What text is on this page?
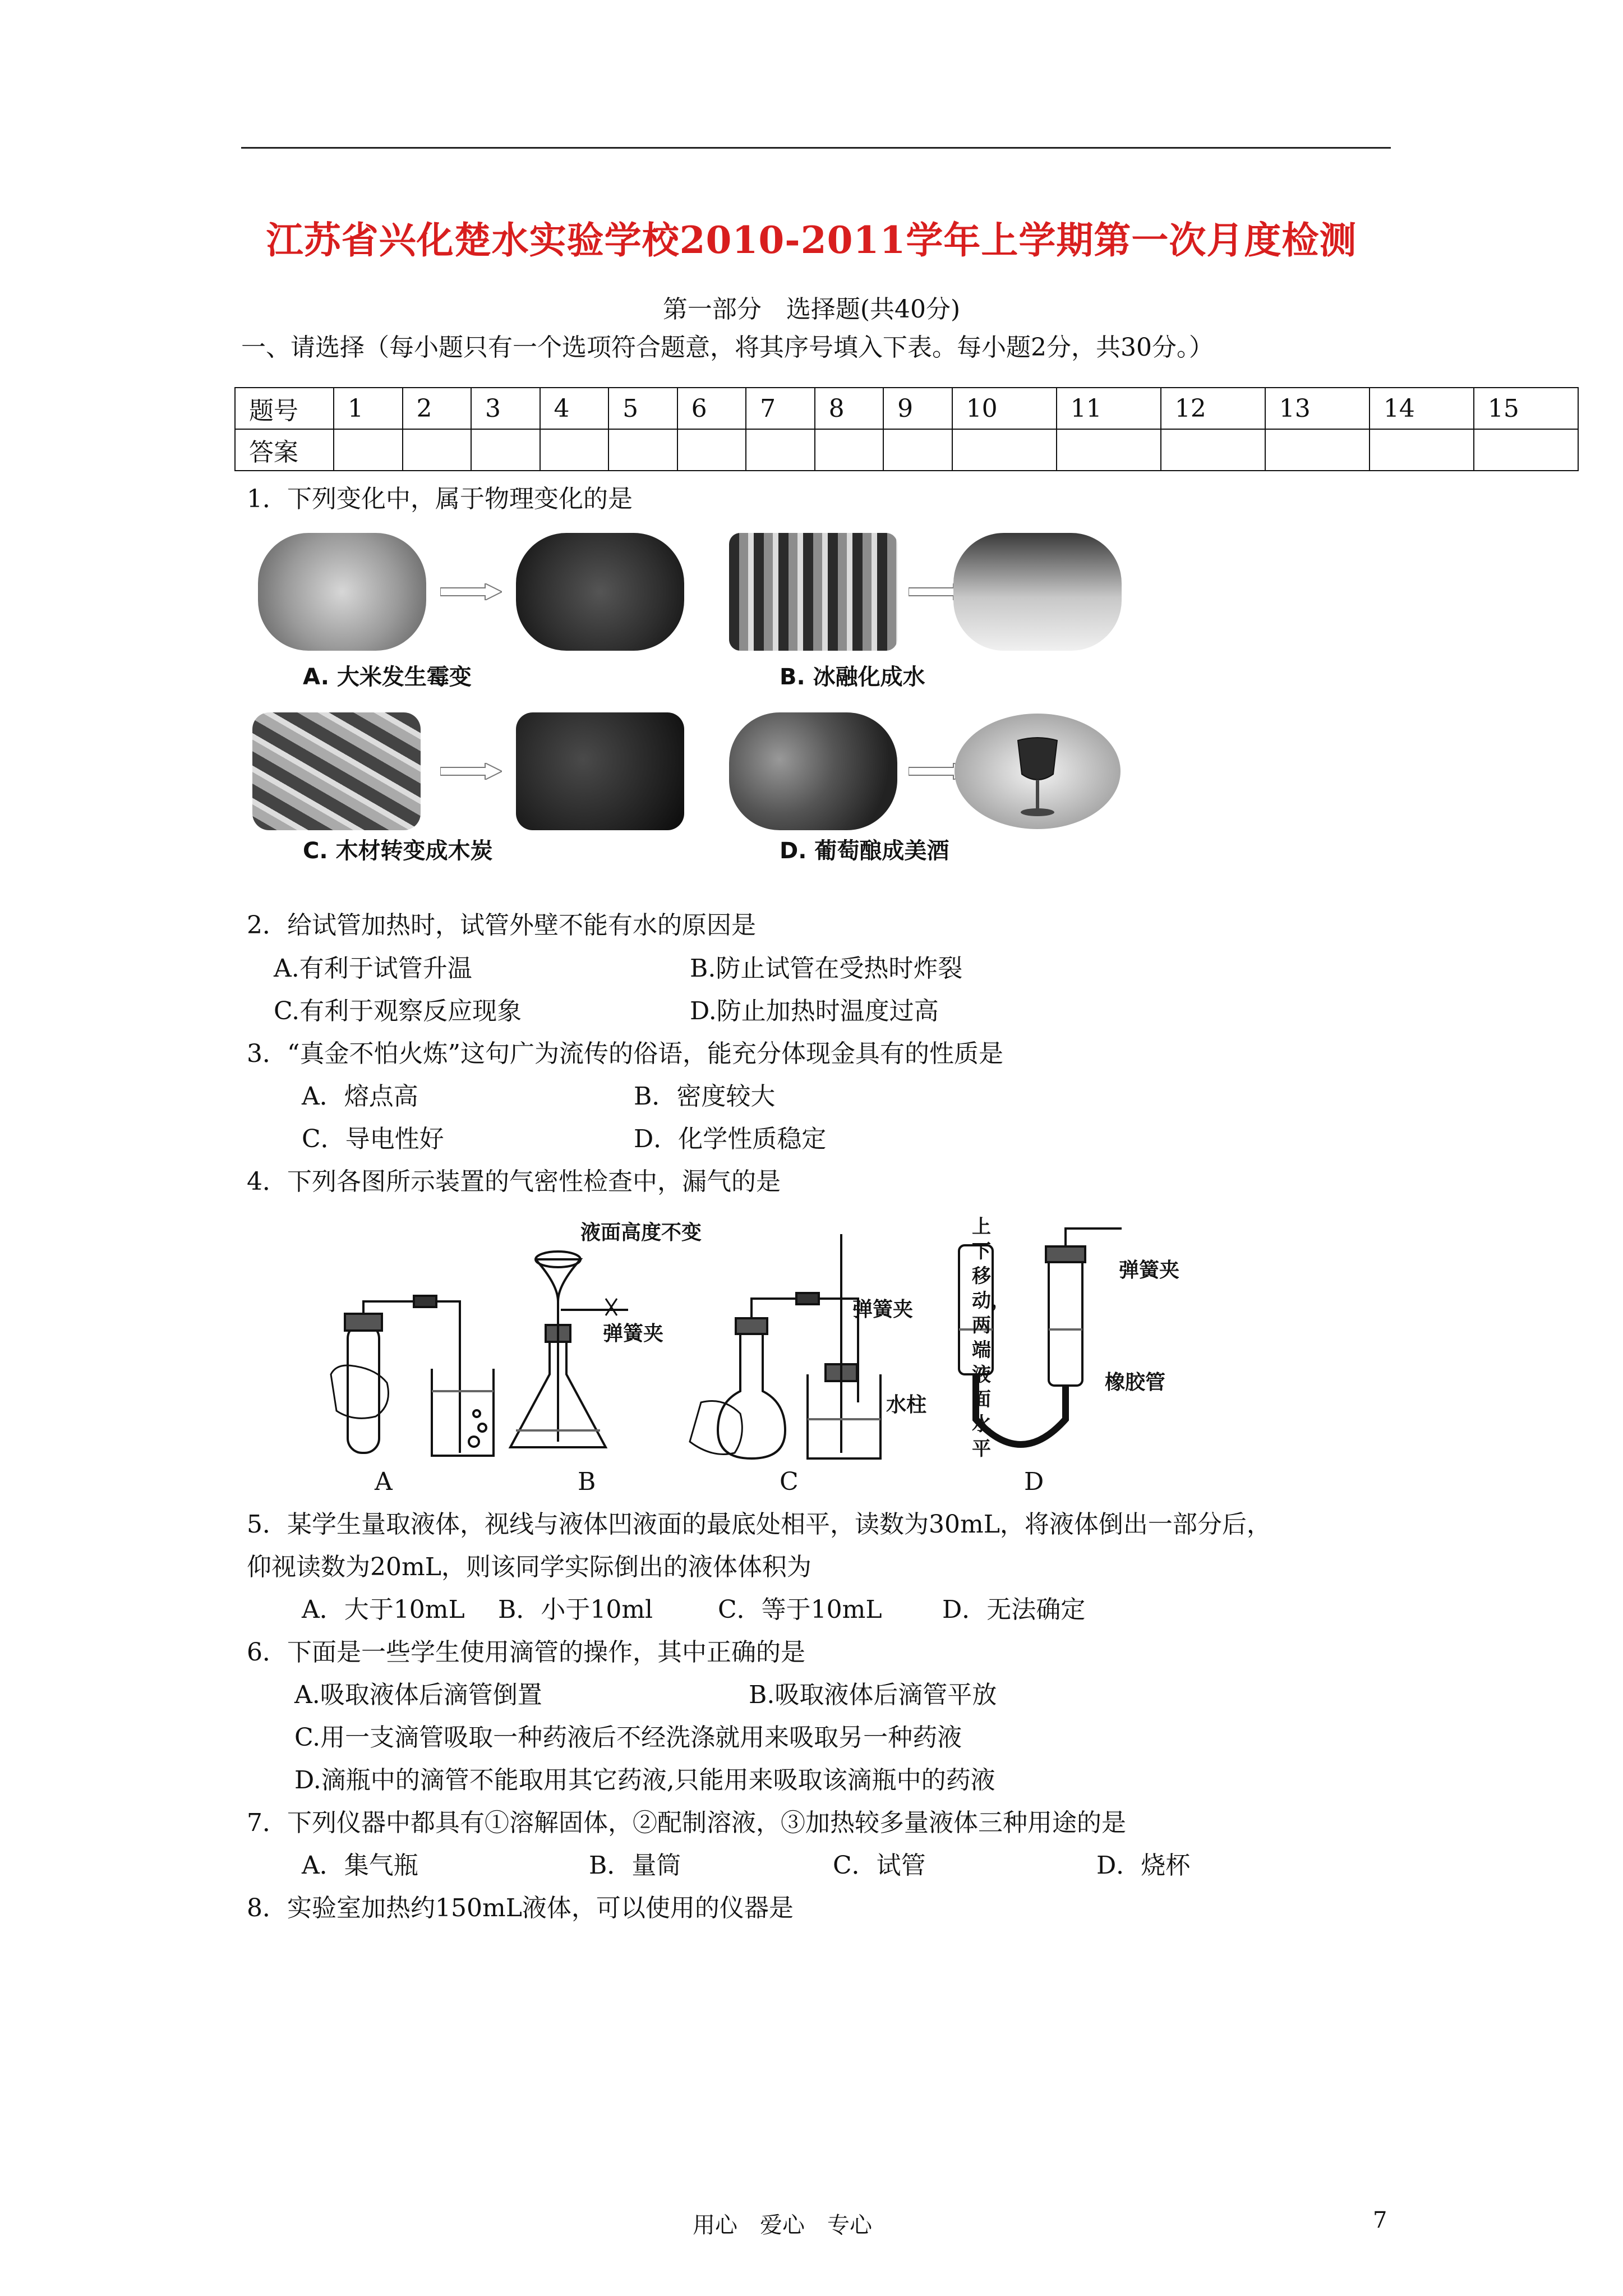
江苏省兴化楚水实验学校2010-2011学年上学期第一次月度检测
第一部分　选择题(共40分)
一、请选择（每小题只有一个选项符合题意，将其序号填入下表。每小题2分，共30分。）
题号	1	2	3	4	5	6	7	8	9	10	11	12	13	14	15
答案															
1．下列变化中，属于物理变化的是
A. 大米发生霉变	B. 冰融化成水
C. 木材转变成木炭	D. 葡萄酿成美酒
2．给试管加热时，试管外壁不能有水的原因是
A.有利于试管升温	B.防止试管在受热时炸裂
C.有利于观察反应现象	D.防止加热时温度过高
3．“真金不怕火炼”这句广为流传的俗语，能充分体现金具有的性质是
A．熔点高	B．密度较大
C．导电性好	D．化学性质稳定
4．下列各图所示装置的气密性检查中，漏气的是
液面高度不变
弹簧夹
弹簧夹
水柱
弹簧夹
橡胶管
上下移动，两端液面水平
A	B	C	D
5．某学生量取液体，视线与液体凹液面的最底处相平，读数为30mL，将液体倒出一部分后，
仰视读数为20mL，则该同学实际倒出的液体体积为
A．大于10mL B．小于10ml	C．等于10mL D．无法确定
6．下面是一些学生使用滴管的操作，其中正确的是
A.吸取液体后滴管倒置	B.吸取液体后滴管平放
C.用一支滴管吸取一种药液后不经洗涤就用来吸取另一种药液
D.滴瓶中的滴管不能取用其它药液,只能用来吸取该滴瓶中的药液
7．下列仪器中都具有①溶解固体，②配制溶液，③加热较多量液体三种用途的是
A．集气瓶	B．量筒	C．试管	D．烧杯
8．实验室加热约150mL液体，可以使用的仪器是
用心　爱心　专心	7
